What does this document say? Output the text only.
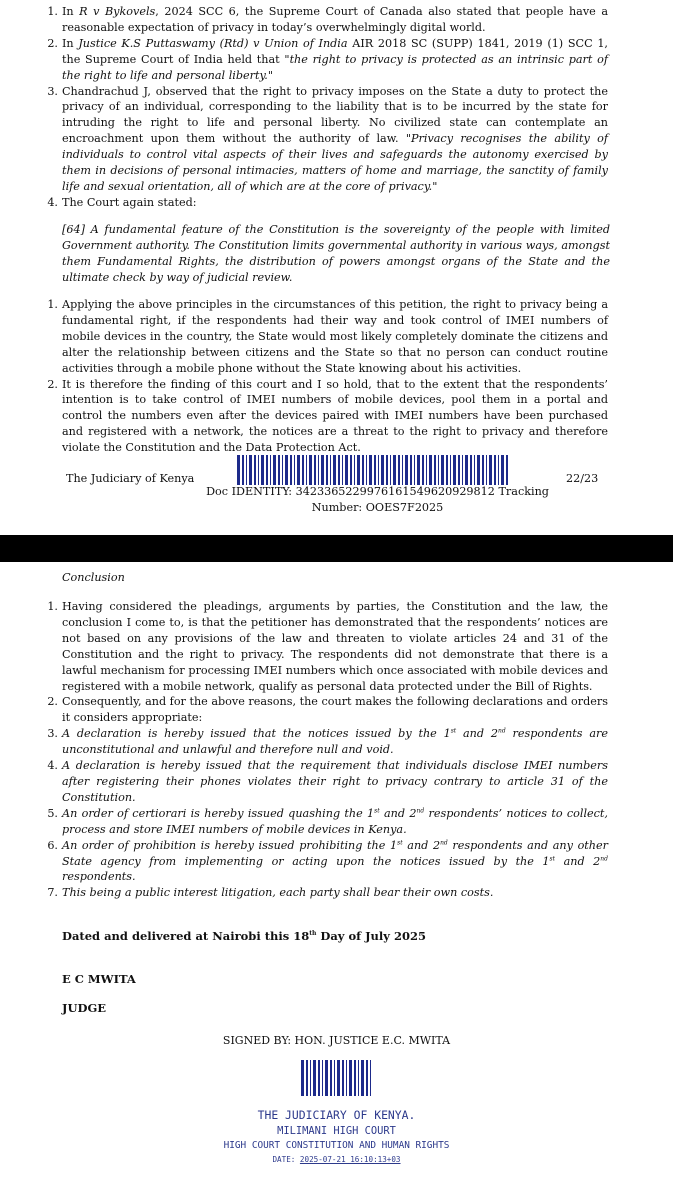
1. In R v Bykovels, 2024 SCC 6, the Supreme Court of Canada also stated that people have a reasonable expectation of privacy in today’s overwhelmingly digital world.

2. In Justice K.S Puttaswamy (Rtd) v Union of India AIR 2018 SC (SUPP) 1841, 2019 (1) SCC 1, the Supreme Court of India held that "the right to privacy is protected as an intrinsic part of the right to life and personal liberty."

3. Chandrachud J, observed that the right to privacy imposes on the State a duty to protect the privacy of an individual, corresponding to the liability that is to be incurred by the state for intruding the right to life and personal liberty. No civilized state can contemplate an encroachment upon them without the authority of law. "Privacy recognises the ability of individuals to control vital aspects of their lives and safeguards the autonomy exercised by them in decisions of personal intimacies, matters of home and marriage, the sanctity of family life and sexual orientation, all of which are at the core of privacy."

4. The Court again stated:

[64] A fundamental feature of the Constitution is the sovereignty of the people with limited Government authority. The Constitution limits governmental authority in various ways, amongst them Fundamental Rights, the distribution of powers amongst organs of the State and the ultimate check by way of judicial review.

1. Applying the above principles in the circumstances of this petition, the right to privacy being a fundamental right, if the respondents had their way and took control of IMEI numbers of mobile devices in the country, the State would most likely completely dominate the citizens and alter the relationship between citizens and the State so that no person can conduct routine activities through a mobile phone without the State knowing about his activities.

2. It is therefore the finding of this court and I so hold, that to the extent that the respondents’ intention is to take control of IMEI numbers of mobile devices, pool them in a portal and control the numbers even after the devices paired with IMEI numbers have been purchased and registered with a network, the notices are a threat to the right to privacy and therefore violate the Constitution and the Data Protection Act.

The Judiciary of Kenya	22/23
Doc IDENTITY: 342336522997616154962092981​2 Tracking Number: OOES7F2025
Conclusion
1. Having considered the pleadings, arguments by parties, the Constitution and the law, the conclusion I come to, is that the petitioner has demonstrated that the respondents’ notices are not based on any provisions of the law and threaten to violate articles 24 and 31 of the Constitution and the right to privacy. The respondents did not demonstrate that there is a lawful mechanism for processing IMEI numbers which once associated with mobile devices and registered with a mobile network, qualify as personal data protected under the Bill of Rights.

2. Consequently, and for the above reasons, the court makes the following declarations and orders it considers appropriate:

3. A declaration is hereby issued that the notices issued by the 1st and 2nd respondents are unconstitutional and unlawful and therefore null and void.

4. A declaration is hereby issued that the requirement that individuals disclose IMEI numbers after registering their phones violates their right to privacy contrary to article 31 of the Constitution.

5. An order of certiorari is hereby issued quashing the 1st and 2nd respondents’ notices to collect, process and store IMEI numbers of mobile devices in Kenya.

6. An order of prohibition is hereby issued prohibiting the 1st and 2nd respondents and any other State agency from implementing or acting upon the notices issued by the 1st and 2nd respondents.

7. This being a public interest litigation, each party shall bear their own costs.

Dated and delivered at Nairobi this 18th Day of July 2025
E C MWITA
JUDGE
SIGNED BY: HON. JUSTICE E.C. MWITA
THE JUDICIARY OF KENYA.
MILIMANI HIGH COURT
HIGH COURT CONSTITUTION AND HUMAN RIGHTS
DATE: 2025-07-21 16:10:13+03
